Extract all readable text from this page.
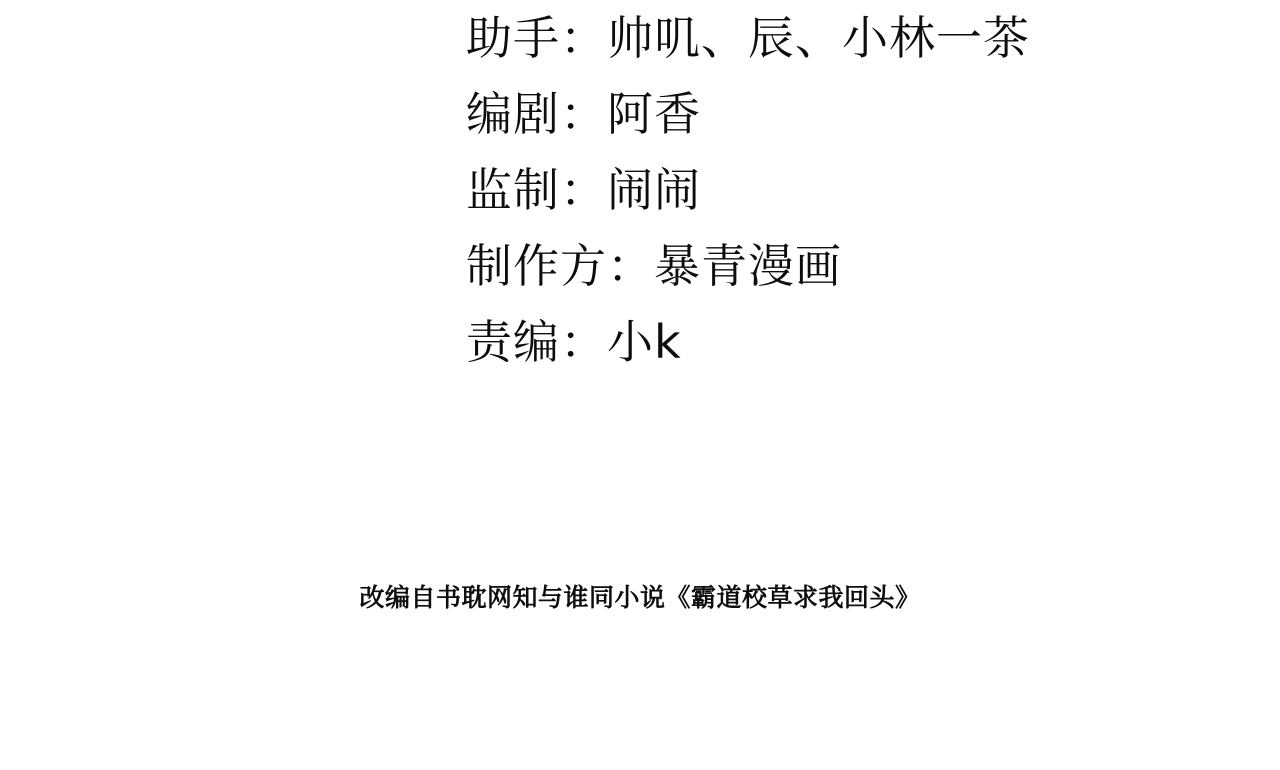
助手：帅叽、辰、小林一茶
编剧：阿香
监制：闹闹
制作方：暴青漫画
责编：小k
改编自书耽网知与谁同小说《霸道校草求我回头》
